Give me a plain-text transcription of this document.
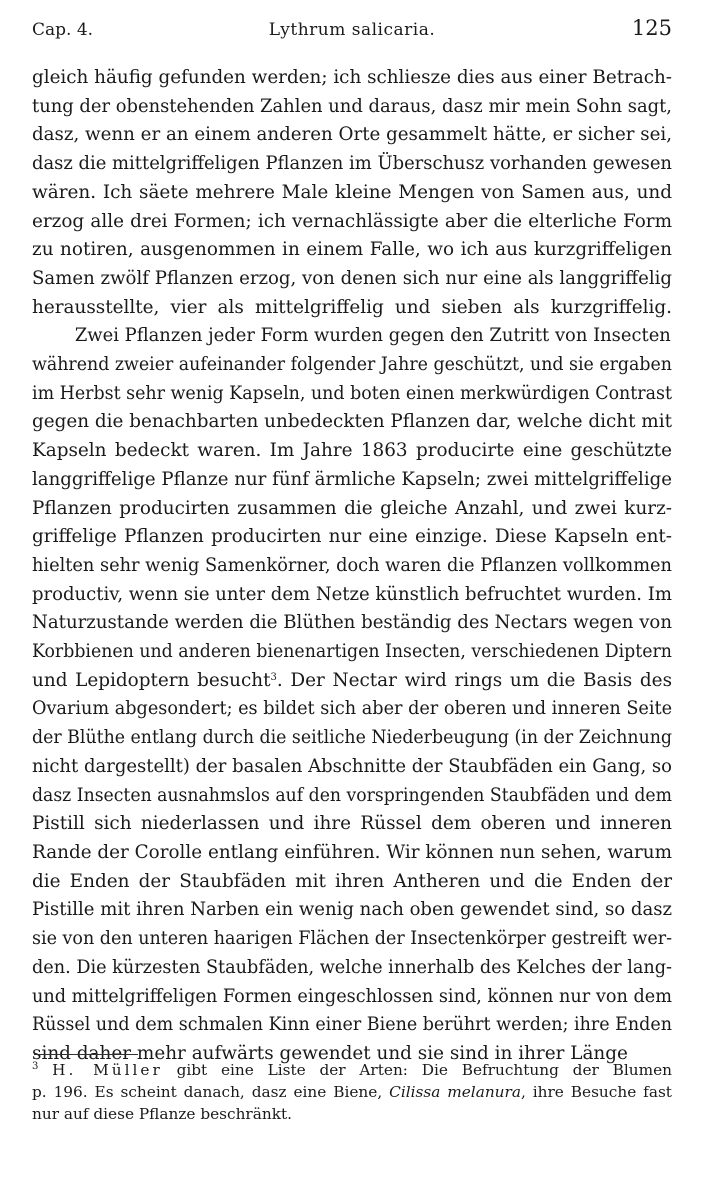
Cap. 4.	Lythrum salicaria.	125
gleich häufig gefunden werden; ich schliesze dies aus einer Betrach-
tung der obenstehenden Zahlen und daraus, dasz mir mein Sohn sagt,
dasz, wenn er an einem anderen Orte gesammelt hätte, er sicher sei,
dasz die mittelgriffeligen Pflanzen im Überschusz vorhanden gewesen
wären. Ich säete mehrere Male kleine Mengen von Samen aus, und
erzog alle drei Formen; ich vernachlässigte aber die elterliche Form
zu notiren, ausgenommen in einem Falle, wo ich aus kurzgriffeligen
Samen zwölf Pflanzen erzog, von denen sich nur eine als langgriffelig
herausstellte, vier als mittelgriffelig und sieben als kurzgriffelig.
Zwei Pflanzen jeder Form wurden gegen den Zutritt von Insecten
während zweier aufeinander folgender Jahre geschützt, und sie ergaben
im Herbst sehr wenig Kapseln, und boten einen merkwürdigen Contrast
gegen die benachbarten unbedeckten Pflanzen dar, welche dicht mit
Kapseln bedeckt waren. Im Jahre 1863 producirte eine geschützte
langgriffelige Pflanze nur fünf ärmliche Kapseln; zwei mittelgriffelige
Pflanzen producirten zusammen die gleiche Anzahl, und zwei kurz-
griffelige Pflanzen producirten nur eine einzige. Diese Kapseln ent-
hielten sehr wenig Samenkörner, doch waren die Pflanzen vollkommen
productiv, wenn sie unter dem Netze künstlich befruchtet wurden. Im
Naturzustande werden die Blüthen beständig des Nectars wegen von
Korbbienen und anderen bienenartigen Insecten, verschiedenen Diptern
und Lepidoptern besucht$^3$. Der Nectar wird rings um die Basis des
Ovarium abgesondert; es bildet sich aber der oberen und inneren Seite
der Blüthe entlang durch die seitliche Niederbeugung (in der Zeichnung
nicht dargestellt) der basalen Abschnitte der Staubfäden ein Gang, so
dasz Insecten ausnahmslos auf den vorspringenden Staubfäden und dem
Pistill sich niederlassen und ihre Rüssel dem oberen und inneren
Rande der Corolle entlang einführen. Wir können nun sehen, warum
die Enden der Staubfäden mit ihren Antheren und die Enden der
Pistille mit ihren Narben ein wenig nach oben gewendet sind, so dasz
sie von den unteren haarigen Flächen der Insectenkörper gestreift wer-
den. Die kürzesten Staubfäden, welche innerhalb des Kelches der lang-
und mittelgriffeligen Formen eingeschlossen sind, können nur von dem
Rüssel und dem schmalen Kinn einer Biene berührt werden; ihre Enden
sind daher mehr aufwärts gewendet und sie sind in ihrer Länge
$^3$ H. Müller gibt eine Liste der Arten: Die Befruchtung der Blumen
p. 196. Es scheint danach, dasz eine Biene, Cilissa melanura, ihre Besuche fast
nur auf diese Pflanze beschränkt.
